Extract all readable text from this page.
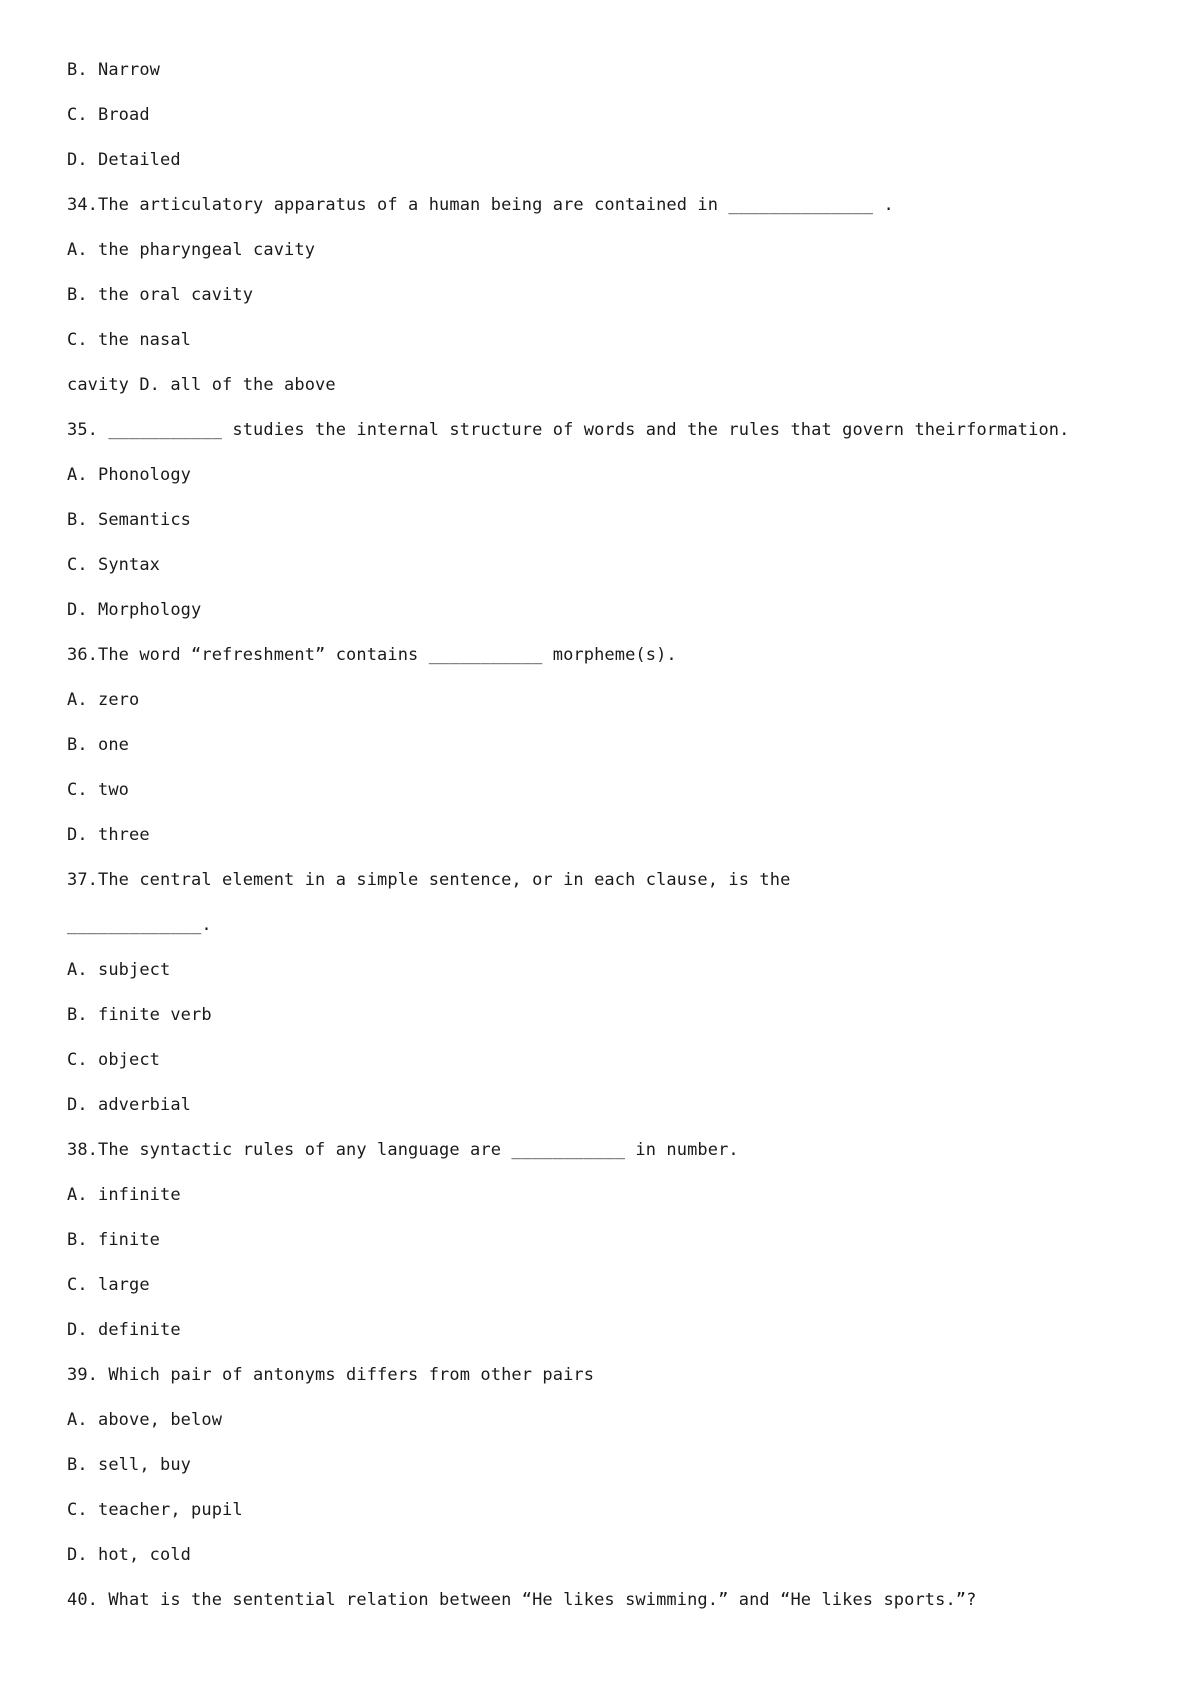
B. Narrow

C. Broad

D. Detailed

34.The articulatory apparatus of a human being are contained in ______________ .

A. the pharyngeal cavity

B. the oral cavity

C. the nasal

cavity D. all of the above

35. ___________ studies the internal structure of words and the rules that govern theirformation.

A. Phonology

B. Semantics

C. Syntax

D. Morphology

36.The word “refreshment” contains ___________ morpheme(s).

A. zero

B. one

C. two

D. three

37.The central element in a simple sentence, or in each clause, is the

_____________.

A. subject

B. finite verb

C. object

D. adverbial

38.The syntactic rules of any language are ___________ in number.

A. infinite

B. finite

C. large

D. definite

39. Which pair of antonyms differs from other pairs

A. above, below

B. sell, buy

C. teacher, pupil

D. hot, cold

40. What is the sentential relation between “He likes swimming.” and “He likes sports.”?
